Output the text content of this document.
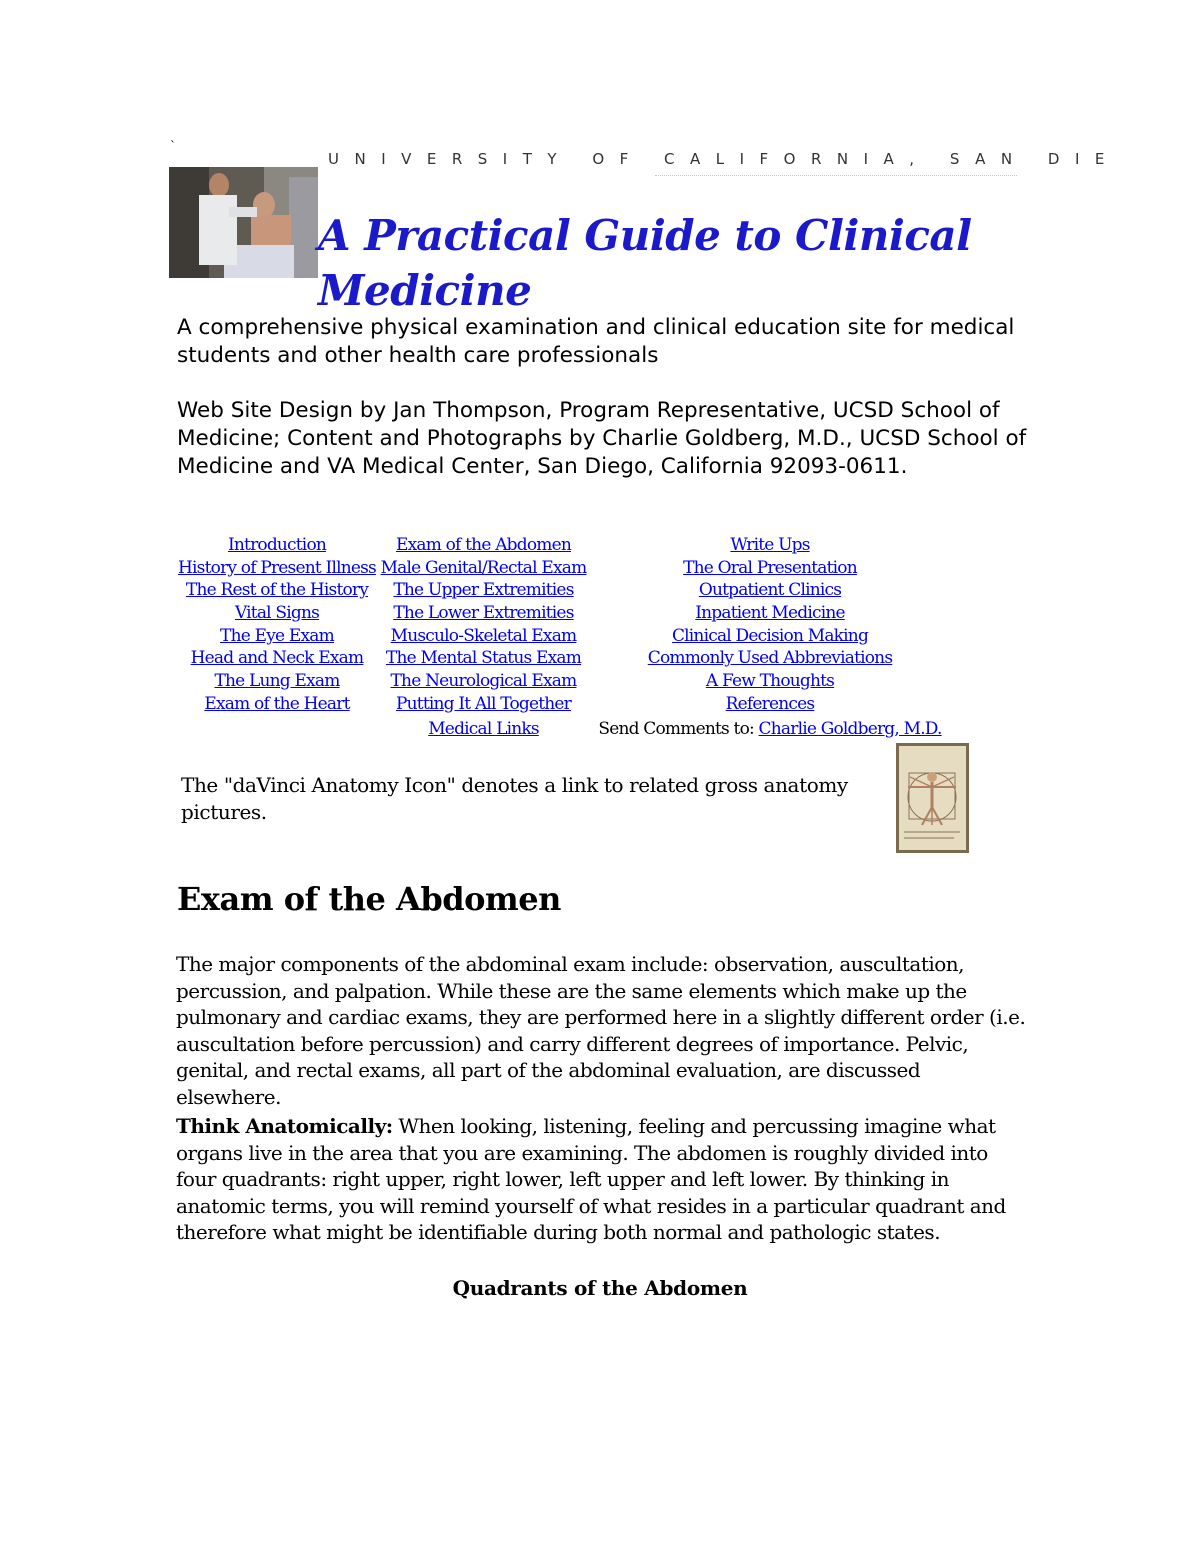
`
UNIVERSITY OF CALIFORNIA, SAN DIE
A Practical Guide to Clinical Medicine
A comprehensive physical examination and clinical education site for medical students and other health care professionals
Web Site Design by Jan Thompson, Program Representative, UCSD School of Medicine; Content and Photographs by Charlie Goldberg, M.D., UCSD School of Medicine and VA Medical Center, San Diego, California 92093-0611.
Introduction	Exam of the Abdomen	Write Ups
History of Present Illness	Male Genital/Rectal Exam	The Oral Presentation
The Rest of the History	The Upper Extremities	Outpatient Clinics
Vital Signs	The Lower Extremities	Inpatient Medicine
The Eye Exam	Musculo-Skeletal Exam	Clinical Decision Making
Head and Neck Exam	The Mental Status Exam	Commonly Used Abbreviations
The Lung Exam	The Neurological Exam	A Few Thoughts
Exam of the Heart	Putting It All Together	References
	Medical Links	Send Comments to: Charlie Goldberg, M.D.
The "daVinci Anatomy Icon" denotes a link to related gross anatomy pictures.
Exam of the Abdomen

The major components of the abdominal exam include: observation, auscultation, percussion, and palpation. While these are the same elements which make up the pulmonary and cardiac exams, they are performed here in a slightly different order (i.e. auscultation before percussion) and carry different degrees of importance. Pelvic, genital, and rectal exams, all part of the abdominal evaluation, are discussed elsewhere.

Think Anatomically: When looking, listening, feeling and percussing imagine what organs live in the area that you are examining. The abdomen is roughly divided into four quadrants: right upper, right lower, left upper and left lower. By thinking in anatomic terms, you will remind yourself of what resides in a particular quadrant and therefore what might be identifiable during both normal and pathologic states.

Quadrants of the Abdomen
